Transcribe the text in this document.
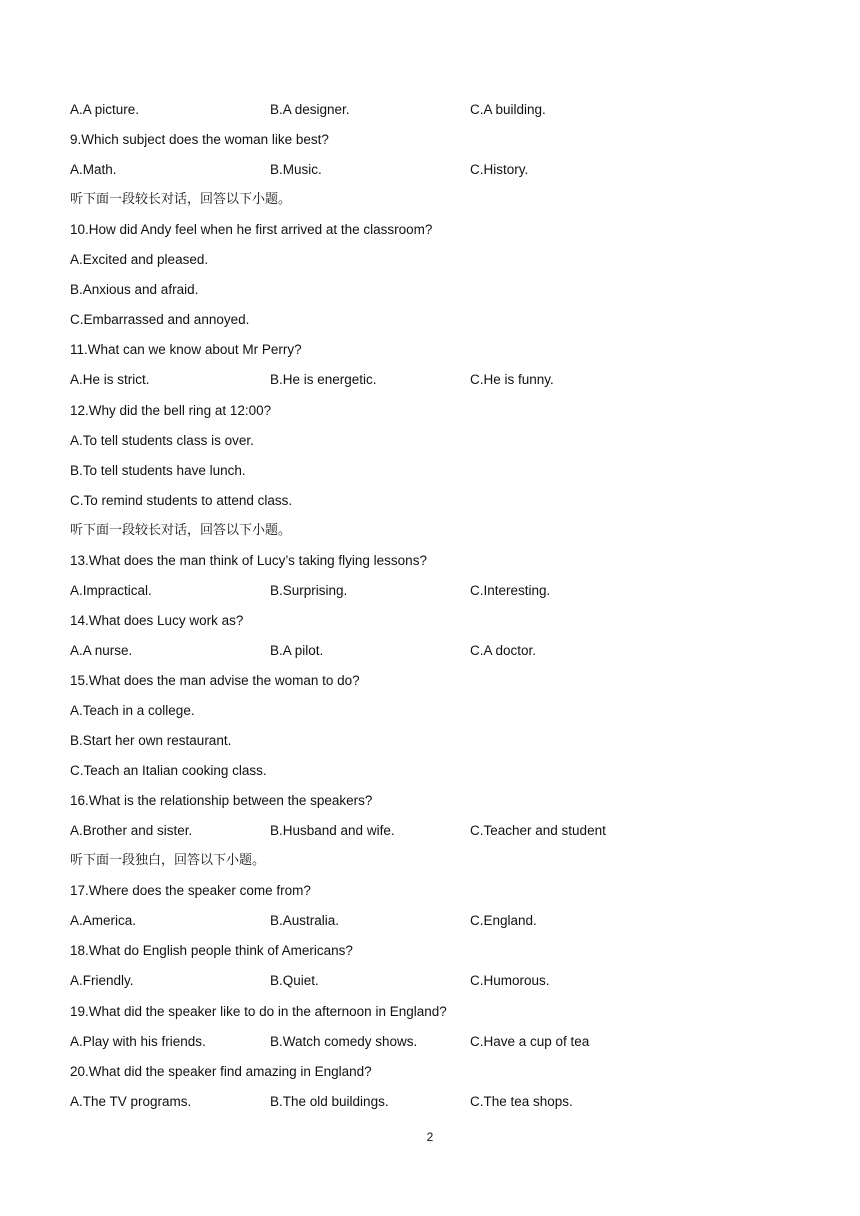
A.A picture.	B.A designer.	C.A building.
9.Which subject does the woman like best?
A.Math.	B.Music.	C.History.
听下面一段较长对话，回答以下小题。
10.How did Andy feel when he first arrived at the classroom?
A.Excited and pleased.
B.Anxious and afraid.
C.Embarrassed and annoyed.
11.What can we know about Mr Perry?
A.He is strict.	B.He is energetic.	C.He is funny.
12.Why did the bell ring at 12:00?
A.To tell students class is over.
B.To tell students have lunch.
C.To remind students to attend class.
听下面一段较长对话，回答以下小题。
13.What does the man think of Lucy’s taking flying lessons?
A.Impractical.	B.Surprising.	C.Interesting.
14.What does Lucy work as?
A.A nurse.	B.A pilot.	C.A doctor.
15.What does the man advise the woman to do?
A.Teach in a college.
B.Start her own restaurant.
C.Teach an Italian cooking class.
16.What is the relationship between the speakers?
A.Brother and sister.	B.Husband and wife.	C.Teacher and student
听下面一段独白，回答以下小题。
17.Where does the speaker come from?
A.America.	B.Australia.	C.England.
18.What do English people think of Americans?
A.Friendly.	B.Quiet.	C.Humorous.
19.What did the speaker like to do in the afternoon in England?
A.Play with his friends.	B.Watch comedy shows.	C.Have a cup of tea
20.What did the speaker find amazing in England?
A.The TV programs.	B.The old buildings.	C.The tea shops.
2
